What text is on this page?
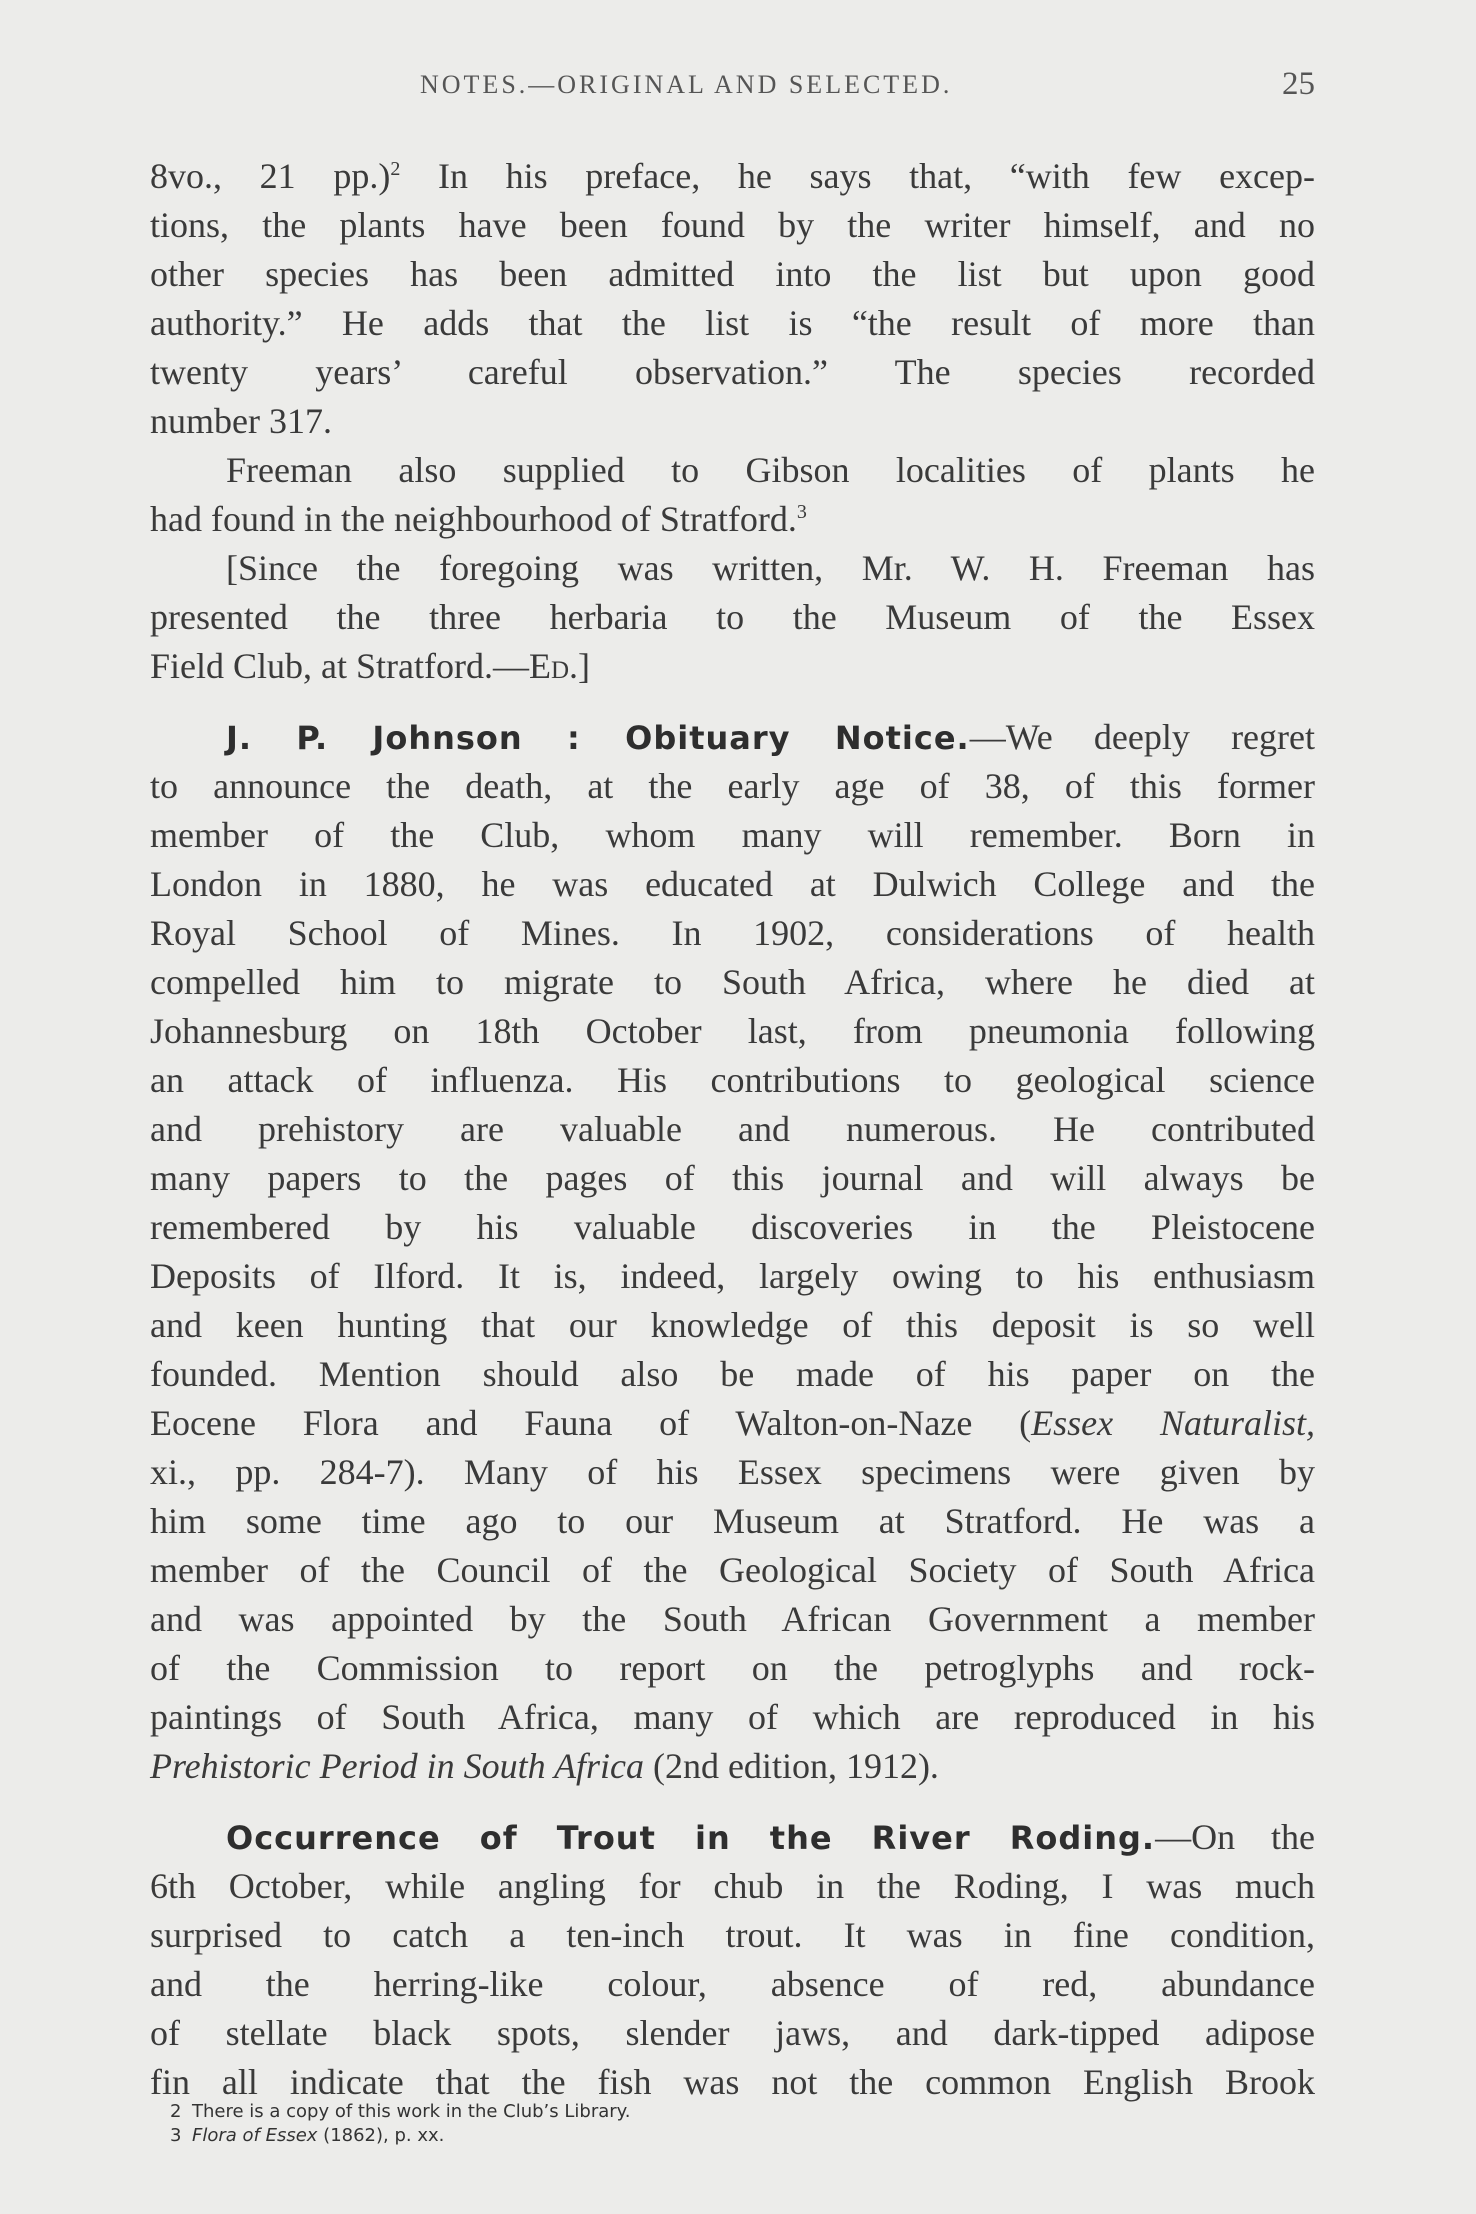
NOTES.—ORIGINAL AND SELECTED.	25
8vo., 21 pp.)$^2$ In his preface, he says that, “with few excep-
tions, the plants have been found by the writer himself, and no
other species has been admitted into the list but upon good
authority.” He adds that the list is “the result of more than
twenty years’ careful observation.” The species recorded
number 317.
Freeman also supplied to Gibson localities of plants he
had found in the neighbourhood of Stratford.$^3$
[Since the foregoing was written, Mr. W. H. Freeman has
presented the three herbaria to the Museum of the Essex
Field Club, at Stratford.—Ed.]
J. P. Johnson : Obituary Notice.—We deeply regret
to announce the death, at the early age of 38, of this former
member of the Club, whom many will remember. Born in
London in 1880, he was educated at Dulwich College and the
Royal School of Mines. In 1902, considerations of health
compelled him to migrate to South Africa, where he died at
Johannesburg on 18th October last, from pneumonia following
an attack of influenza. His contributions to geological science
and prehistory are valuable and numerous. He contributed
many papers to the pages of this journal and will always be
remembered by his valuable discoveries in the Pleistocene
Deposits of Ilford. It is, indeed, largely owing to his enthusiasm
and keen hunting that our knowledge of this deposit is so well
founded. Mention should also be made of his paper on the
Eocene Flora and Fauna of Walton-on-Naze (Essex Naturalist,
xi., pp. 284-7). Many of his Essex specimens were given by
him some time ago to our Museum at Stratford. He was a
member of the Council of the Geological Society of South Africa
and was appointed by the South African Government a member
of the Commission to report on the petroglyphs and rock-
paintings of South Africa, many of which are reproduced in his
Prehistoric Period in South Africa (2nd edition, 1912).
Occurrence of Trout in the River Roding.—On the
6th October, while angling for chub in the Roding, I was much
surprised to catch a ten-inch trout. It was in fine condition,
and the herring-like colour, absence of red, abundance
of stellate black spots, slender jaws, and dark-tipped adipose
fin all indicate that the fish was not the common English Brook
2 There is a copy of this work in the Club’s Library.
3 Flora of Essex (1862), p. xx.
